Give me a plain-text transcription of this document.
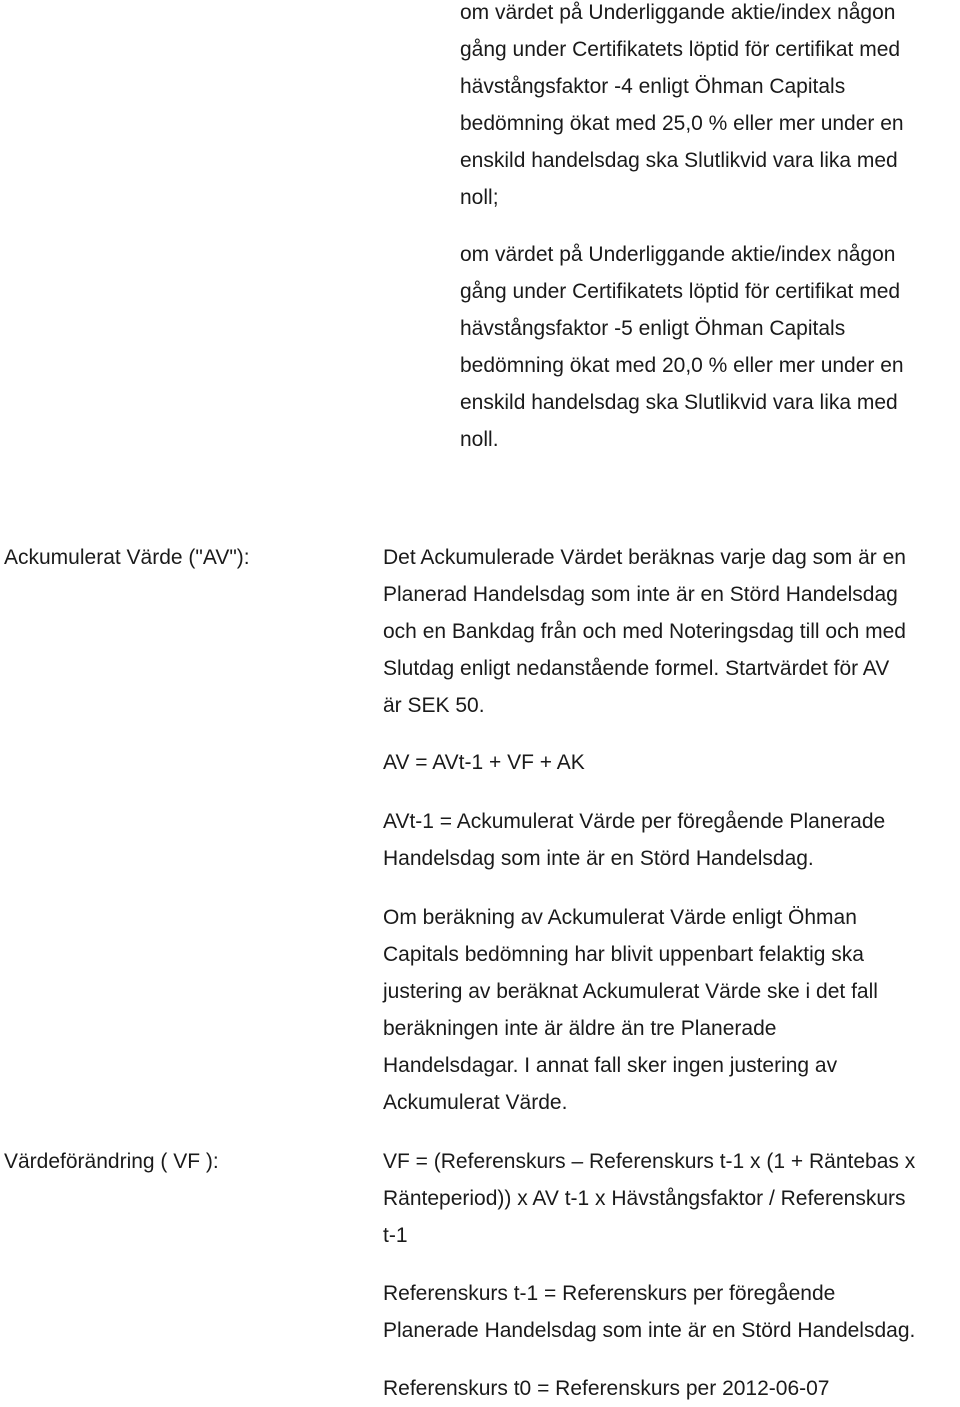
om värdet på Underliggande aktie/index någon
gång under Certifikatets löptid för certifikat med
hävstångsfaktor -4 enligt Öhman Capitals
bedömning ökat med 25,0 % eller mer under en
enskild handelsdag ska Slutlikvid vara lika med
noll;
om värdet på Underliggande aktie/index någon
gång under Certifikatets löptid för certifikat med
hävstångsfaktor -5 enligt Öhman Capitals
bedömning ökat med 20,0 % eller mer under en
enskild handelsdag ska Slutlikvid vara lika med
noll.
Ackumulerat Värde ("AV"):	Det Ackumulerade Värdet beräknas varje dag som är en
Planerad Handelsdag som inte är en Störd Handelsdag
och en Bankdag från och med Noteringsdag till och med
Slutdag enligt nedanstående formel. Startvärdet för AV
är SEK 50.
AV = AVt-1 + VF + AK
AVt-1 = Ackumulerat Värde per föregående Planerade
Handelsdag som inte är en Störd Handelsdag.
Om beräkning av Ackumulerat Värde enligt Öhman
Capitals bedömning har blivit uppenbart felaktig ska
justering av beräknat Ackumulerat Värde ske i det fall
beräkningen inte är äldre än tre Planerade
Handelsdagar. I annat fall sker ingen justering av
Ackumulerat Värde.
Värdeförändring ( VF ):	VF = (Referenskurs – Referenskurs t-1 x (1 + Räntebas x
Ränteperiod)) x AV t-1 x Hävstångsfaktor / Referenskurs
t-1
Referenskurs t-1 = Referenskurs per föregående
Planerade Handelsdag som inte är en Störd Handelsdag.
Referenskurs t0 = Referenskurs per 2012-06-07
